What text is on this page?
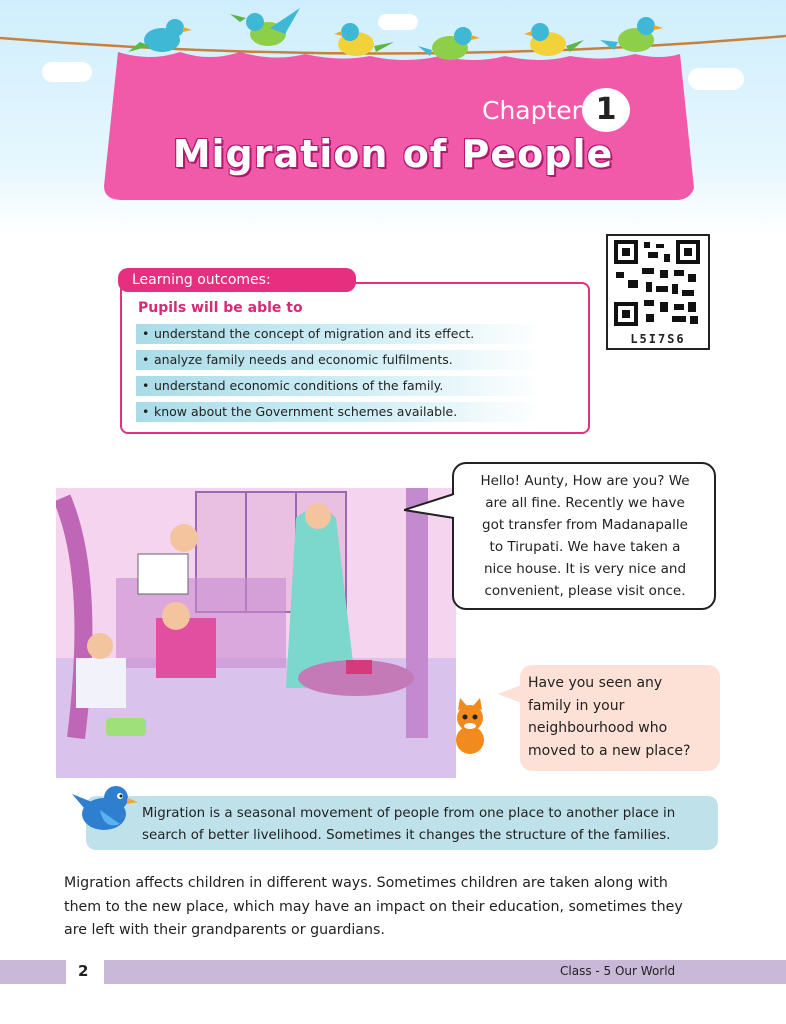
Chapter 1
Migration of People
L5I7S6
Learning outcomes:
Pupils will be able to
• understand the concept of migration and its effect.
• analyze family needs and economic fulfilments.
• understand economic conditions of the family.
• know about the Government schemes available.
Hello! Aunty, How are you? We
are all fine. Recently we have
got transfer from Madanapalle
to Tirupati. We have taken a
nice house. It is very nice and
convenient, please visit once.
Have you seen any
family in your
neighbourhood who
moved to a new place?
Migration is a seasonal movement of people from one place to another place in
search of better livelihood. Sometimes it changes the structure of the families.
Migration affects children in different ways. Sometimes children are taken along with
them to the new place, which may have an impact on their education, sometimes they
are left with their grandparents or guardians.
2	Class - 5 Our World
